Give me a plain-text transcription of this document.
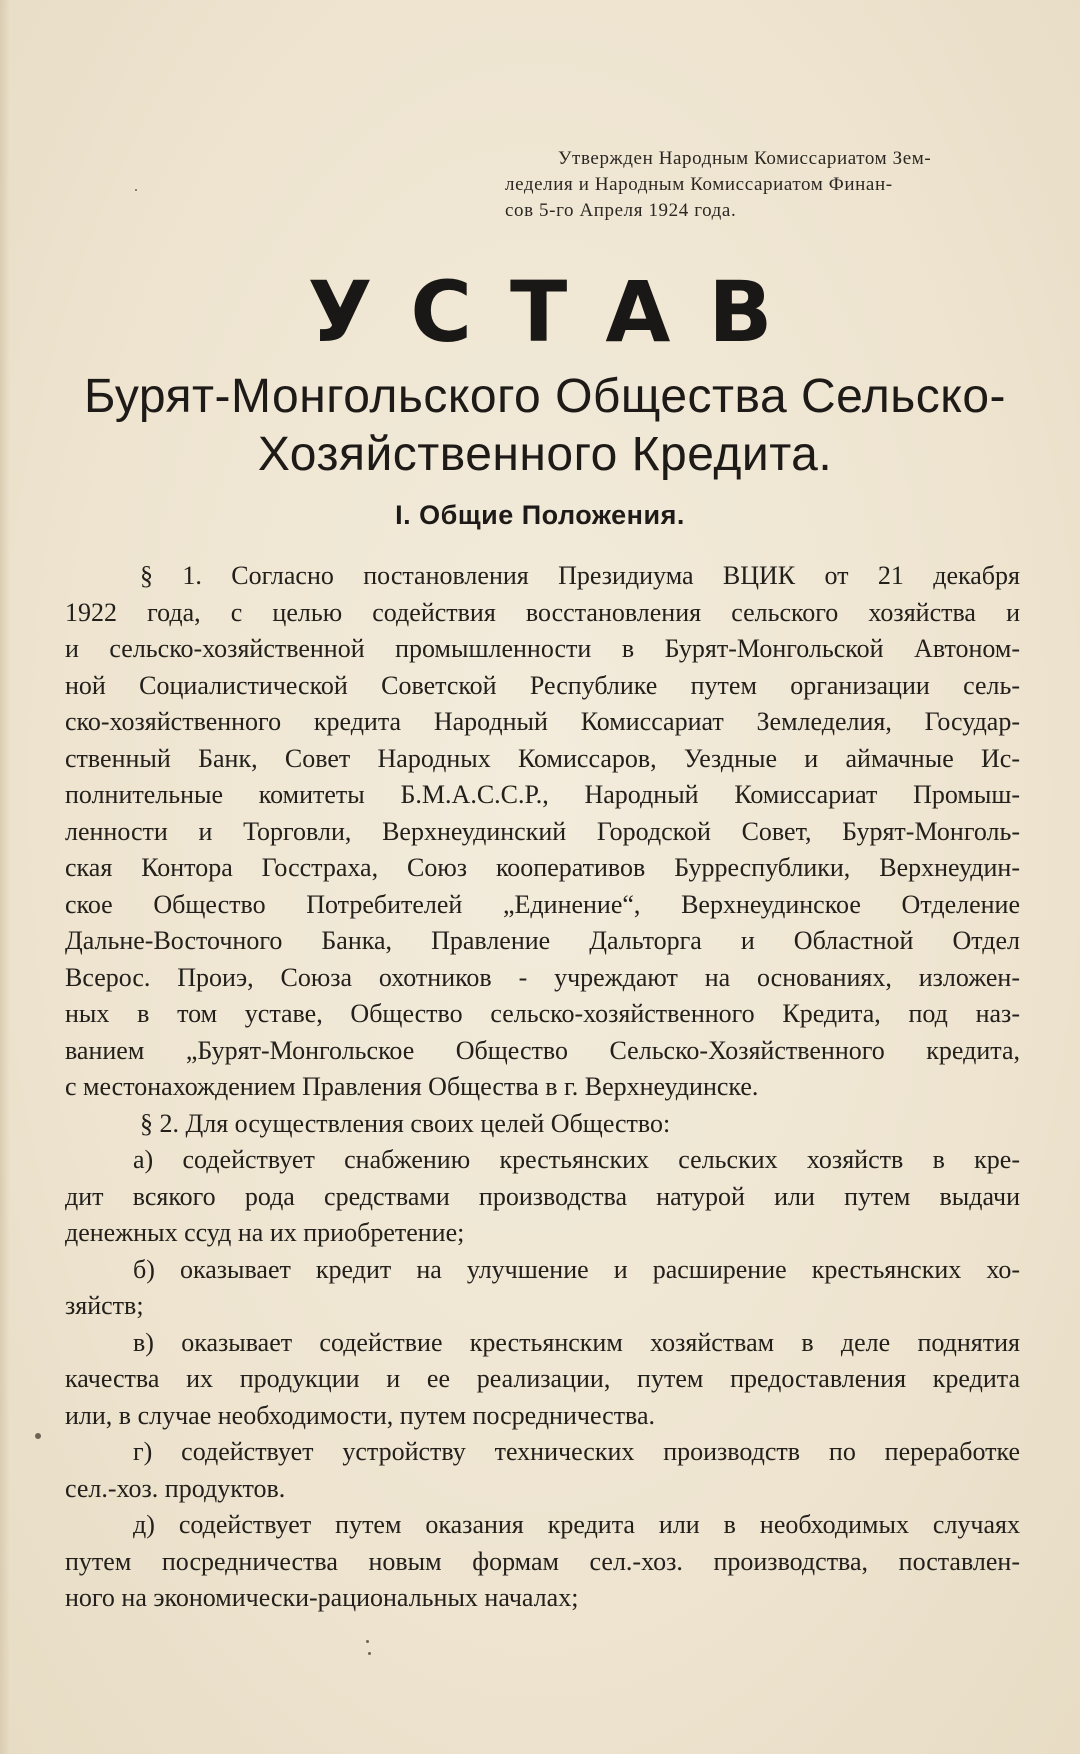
Утвержден Народным Комиссариатом Зем-
леделия и Народным Комиссариатом Финан-
сов 5-го Апреля 1924 года.
УСТАВ
Бурят-Монгольского Общества Сельско-
Хозяйственного Кредита.
I. Общие Положения.
§ 1. Согласно постановления Президиума ВЦИК от 21 декабря
1922 года, с целью содействия восстановления сельского хозяйства и
и сельско-хозяйственной промышленности в Бурят-Монгольской Автоном-
ной Социалистической Советской Республике путем организации сель-
ско-хозяйственного кредита Народный Комиссариат Земледелия, Государ-
ственный Банк, Совет Народных Комиссаров, Уездные и аймачные Ис-
полнительные комитеты Б.М.А.С.С.Р., Народный Комиссариат Промыш-
ленности и Торговли, Верхнеудинский Городской Совет, Бурят-Монголь-
ская Контора Госстраха, Союз кооперативов Бурреспублики, Верхнеудин-
ское Общество Потребителей „Единение“, Верхнеудинское Отделение
Дальне-Восточного Банка, Правление Дальторга и Областной Отдел
Всерос. Проиэ, Союза охотников - учреждают на основаниях, изложен-
ных в том уставе, Общество сельско-хозяйственного Кредита, под наз-
ванием „Бурят-Монгольское Общество Сельско-Хозяйственного кредита,
с местонахождением Правления Общества в г. Верхнеудинске.
§ 2. Для осуществления своих целей Общество:
а) содействует снабжению крестьянских сельских хозяйств в кре-
дит всякого рода средствами производства натурой или путем выдачи
денежных ссуд на их приобретение;
б) оказывает кредит на улучшение и расширение крестьянских хо-
зяйств;
в) оказывает содействие крестьянским хозяйствам в деле поднятия
качества их продукции и ее реализации, путем предоставления кредита
или, в случае необходимости, путем посредничества.
г) содействует устройству технических производств по переработке
сел.-хоз. продуктов.
д) содействует путем оказания кредита или в необходимых случаях
путем посредничества новым формам сел.-хоз. производства, поставлен-
ного на экономически-рациональных началах;
